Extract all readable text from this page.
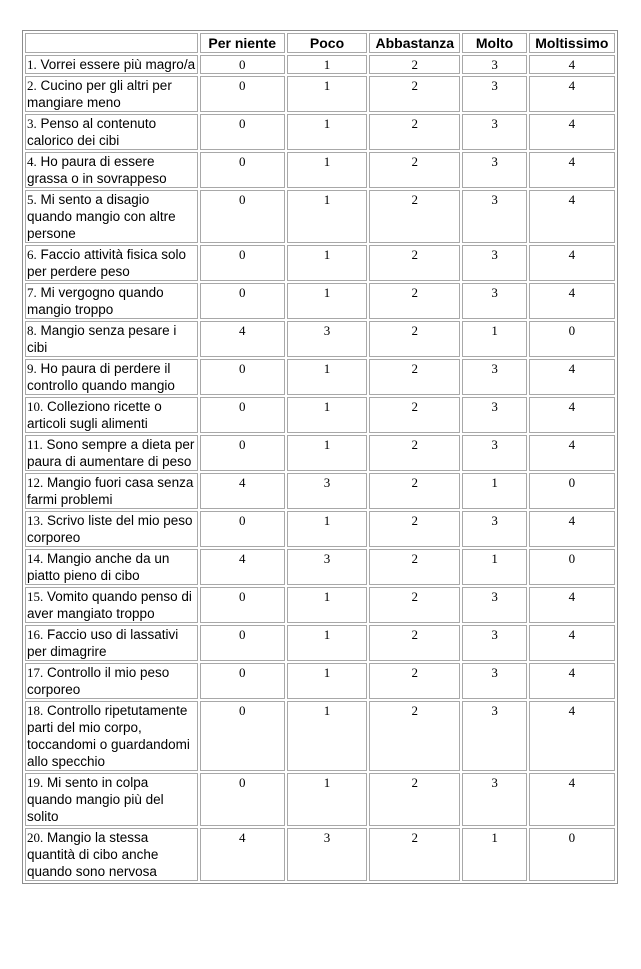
	Per niente	Poco	Abbastanza	Molto	Moltissimo
1. Vorrei essere più magro/a	0	1	2	3	4
2. Cucino per gli altri per mangiare meno	0	1	2	3	4
3. Penso al contenuto calorico dei cibi	0	1	2	3	4
4. Ho paura di essere grassa o in sovrappeso	0	1	2	3	4
5. Mi sento a disagio quando mangio con altre persone	0	1	2	3	4
6. Faccio attività fisica solo per perdere peso	0	1	2	3	4
7. Mi vergogno quando mangio troppo	0	1	2	3	4
8. Mangio senza pesare i cibi	4	3	2	1	0
9. Ho paura di perdere il controllo quando mangio	0	1	2	3	4
10. Colleziono ricette o articoli sugli alimenti	0	1	2	3	4
11. Sono sempre a dieta per paura di aumentare di peso	0	1	2	3	4
12. Mangio fuori casa senza farmi problemi	4	3	2	1	0
13. Scrivo liste del mio peso corporeo	0	1	2	3	4
14. Mangio anche da un piatto pieno di cibo	4	3	2	1	0
15. Vomito quando penso di aver mangiato troppo	0	1	2	3	4
16. Faccio uso di lassativi per dimagrire	0	1	2	3	4
17. Controllo il mio peso corporeo	0	1	2	3	4
18. Controllo ripetutamente parti del mio corpo, toccandomi o guardandomi allo specchio	0	1	2	3	4
19. Mi sento in colpa quando mangio più del solito	0	1	2	3	4
20. Mangio la stessa quantità di cibo anche quando sono nervosa	4	3	2	1	0
